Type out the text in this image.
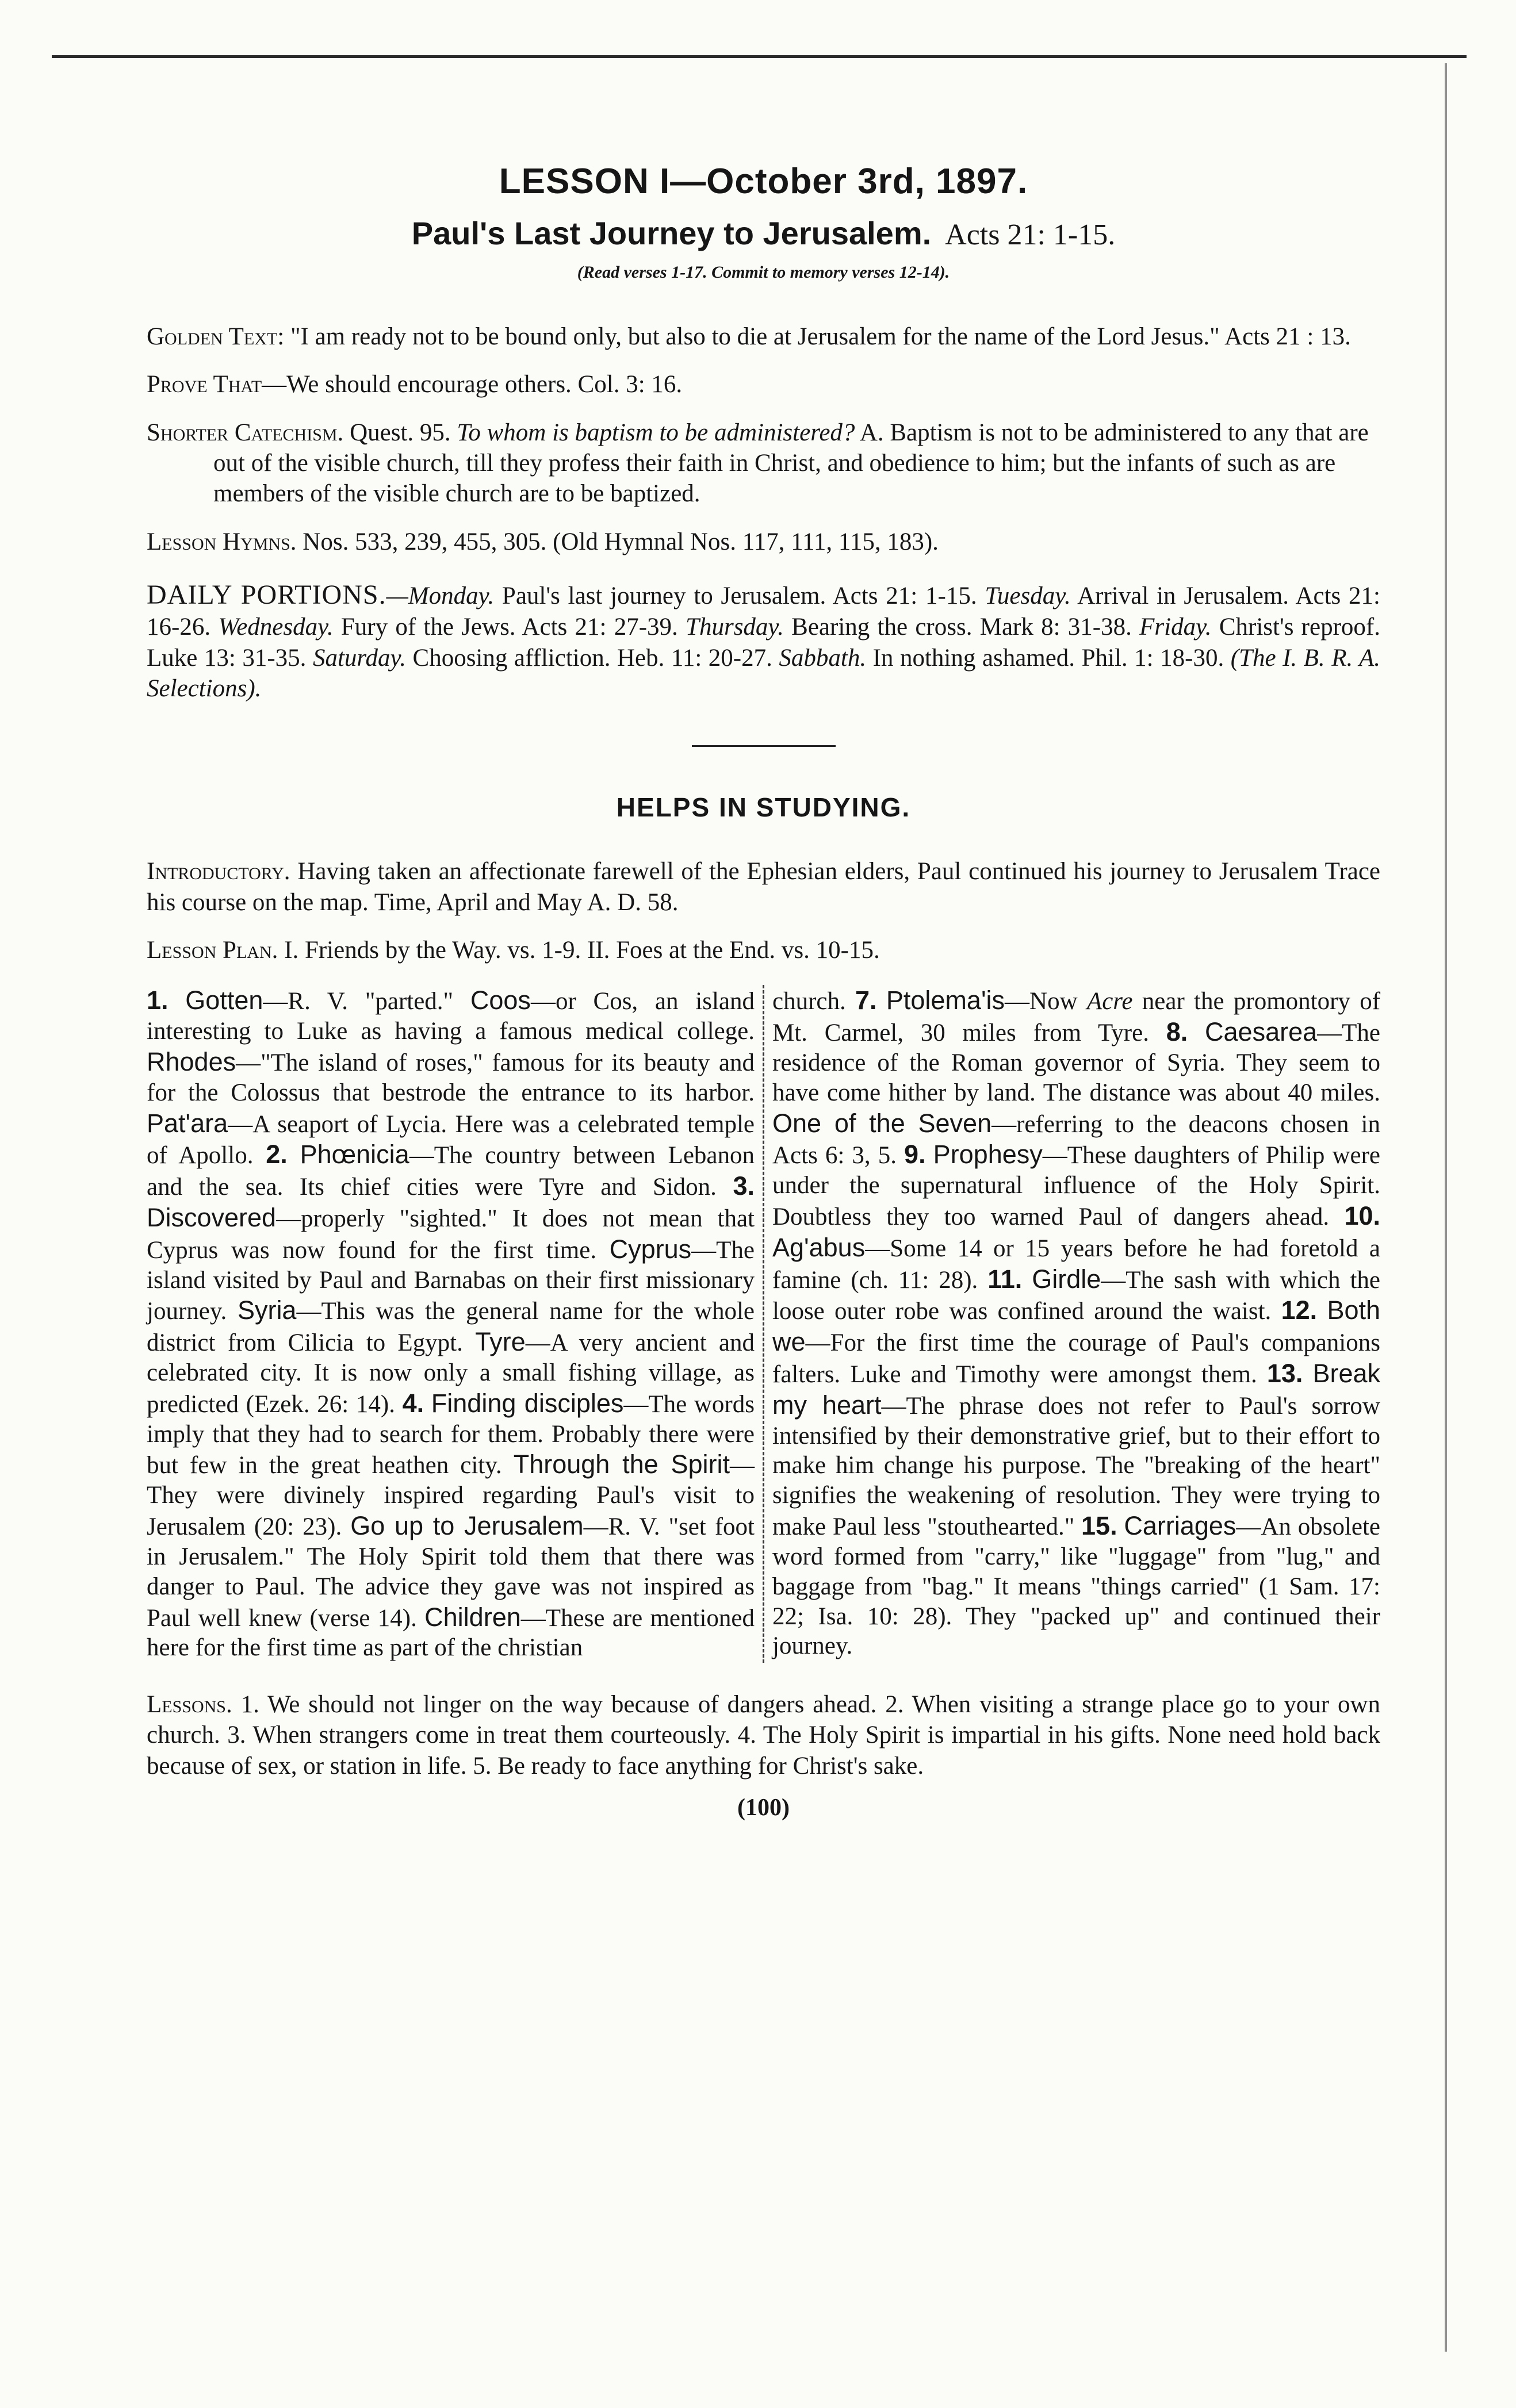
LESSON I—October 3rd, 1897.

Paul's Last Journey to Jerusalem. Acts 21: 1-15.

(Read verses 1-17. Commit to memory verses 12-14).

Golden Text: "I am ready not to be bound only, but also to die at Jerusalem for the name of the Lord Jesus." Acts 21 : 13.

Prove That—We should encourage others. Col. 3: 16.

Shorter Catechism. Quest. 95. To whom is baptism to be administered? A. Baptism is not to be administered to any that are out of the visible church, till they profess their faith in Christ, and obedience to him; but the infants of such as are members of the visible church are to be baptized.

Lesson Hymns. Nos. 533, 239, 455, 305. (Old Hymnal Nos. 117, 111, 115, 183).

DAILY PORTIONS.—Monday. Paul's last journey to Jerusalem. Acts 21: 1-15. Tuesday. Arrival in Jerusalem. Acts 21: 16-26. Wednesday. Fury of the Jews. Acts 21: 27-39. Thursday. Bearing the cross. Mark 8: 31-38. Friday. Christ's reproof. Luke 13: 31-35. Saturday. Choosing affliction. Heb. 11: 20-27. Sabbath. In nothing ashamed. Phil. 1: 18-30. (The I. B. R. A. Selections).

HELPS IN STUDYING.

Introductory. Having taken an affectionate farewell of the Ephesian elders, Paul continued his journey to Jerusalem Trace his course on the map. Time, April and May A. D. 58.

Lesson Plan. I. Friends by the Way. vs. 1-9. II. Foes at the End. vs. 10-15.

1. Gotten—R. V. "parted." Coos—or Cos, an island interesting to Luke as having a famous medical college. Rhodes—"The island of roses," famous for its beauty and for the Colossus that bestrode the entrance to its harbor. Pat'ara—A seaport of Lycia. Here was a celebrated temple of Apollo. 2. Phœnicia—The country between Lebanon and the sea. Its chief cities were Tyre and Sidon. 3. Discovered—properly "sighted." It does not mean that Cyprus was now found for the first time. Cyprus—The island visited by Paul and Barnabas on their first missionary journey. Syria—This was the general name for the whole district from Cilicia to Egypt. Tyre—A very ancient and celebrated city. It is now only a small fishing village, as predicted (Ezek. 26: 14). 4. Finding disciples—The words imply that they had to search for them. Probably there were but few in the great heathen city. Through the Spirit—They were divinely inspired regarding Paul's visit to Jerusalem (20: 23). Go up to Jerusalem—R. V. "set foot in Jerusalem." The Holy Spirit told them that there was danger to Paul. The advice they gave was not inspired as Paul well knew (verse 14). Children—These are mentioned here for the first time as part of the christian
church. 7. Ptolema'is—Now Acre near the promontory of Mt. Carmel, 30 miles from Tyre. 8. Caesarea—The residence of the Roman governor of Syria. They seem to have come hither by land. The distance was about 40 miles. One of the Seven—referring to the deacons chosen in Acts 6: 3, 5. 9. Prophesy—These daughters of Philip were under the supernatural influence of the Holy Spirit. Doubtless they too warned Paul of dangers ahead. 10. Ag'abus—Some 14 or 15 years before he had foretold a famine (ch. 11: 28). 11. Girdle—The sash with which the loose outer robe was confined around the waist. 12. Both we—For the first time the courage of Paul's companions falters. Luke and Timothy were amongst them. 13. Break my heart—The phrase does not refer to Paul's sorrow intensified by their demonstrative grief, but to their effort to make him change his purpose. The "breaking of the heart" signifies the weakening of resolution. They were trying to make Paul less "stouthearted." 15. Carriages—An obsolete word formed from "carry," like "luggage" from "lug," and baggage from "bag." It means "things carried" (1 Sam. 17: 22; Isa. 10: 28). They "packed up" and continued their journey.

Lessons. 1. We should not linger on the way because of dangers ahead. 2. When visiting a strange place go to your own church. 3. When strangers come in treat them courteously. 4. The Holy Spirit is impartial in his gifts. None need hold back because of sex, or station in life. 5. Be ready to face anything for Christ's sake.

(100)
